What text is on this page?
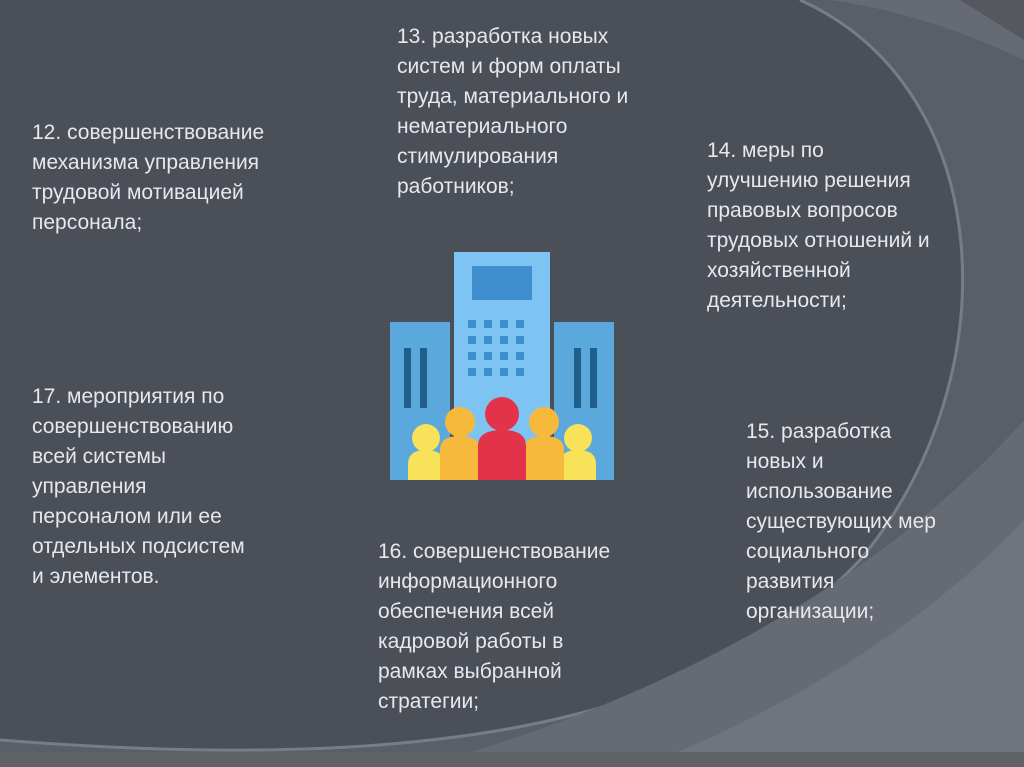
12. совершенствование
механизма управления
трудовой мотивацией
персонала;

13. разработка новых
систем и форм оплаты
труда, материального и
нематериального
стимулирования
работников;

14. меры по
улучшению решения
правовых вопросов
трудовых отношений и
хозяйственной
деятельности;

15. разработка
новых и
использование
существующих мер
социального
развития
организации;

16. совершенствование
информационного
обеспечения всей
кадровой работы в
рамках выбранной
стратегии;

17. мероприятия по
совершенствованию
всей системы
управления
персоналом или ее
отдельных подсистем
и элементов.
